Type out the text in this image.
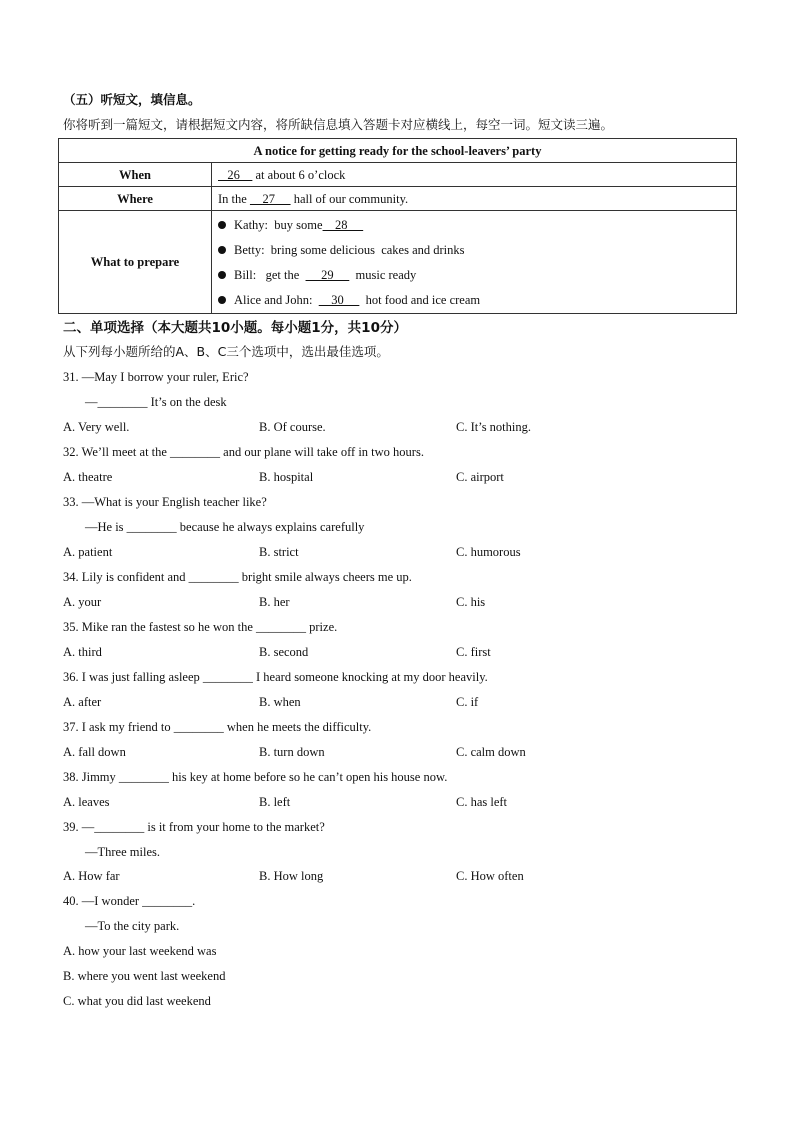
（五）听短文，填信息。
你将听到一篇短文，请根据短文内容，将所缺信息填入答题卡对应横线上，每空一词。短文读三遍。
A notice for getting ready for the school-leavers’ party	
When	26     at about 6 o’clock
Where	In the     27      hall of our community.
What to prepare	Kathy:  buy some    28
Betty:  bring some delicious  cakes and drinks
Bill:   get the       29       music ready
Alice and John:      30       hot food and ice cream
二、单项选择（本大题共10小题。每小题1分，共10分）
从下列每小题所给的A、B、C三个选项中，选出最佳选项。
31. —May I borrow your ruler, Eric?
—________ It’s on the desk
A. Very well.	B. Of course.	C. It’s nothing.
32. We’ll meet at the ________ and our plane will take off in two hours.
A. theatre	B. hospital	C. airport
33. —What is your English teacher like?
—He is ________ because he always explains carefully
A. patient	B. strict	C. humorous
34. Lily is confident and ________ bright smile always cheers me up.
A. your	B. her	C. his
35. Mike ran the fastest so he won the ________ prize.
A. third	B. second	C. first
36. I was just falling asleep ________ I heard someone knocking at my door heavily.
A. after	B. when	C. if
37. I ask my friend to ________ when he meets the difficulty.
A. fall down	B. turn down	C. calm down
38. Jimmy ________ his key at home before so he can’t open his house now.
A. leaves	B. left	C. has left
39. —________ is it from your home to the market?
—Three miles.
A. How far	B. How long	C. How often
40. —I wonder ________.
—To the city park.
A. how your last weekend was
B. where you went last weekend
C. what you did last weekend
